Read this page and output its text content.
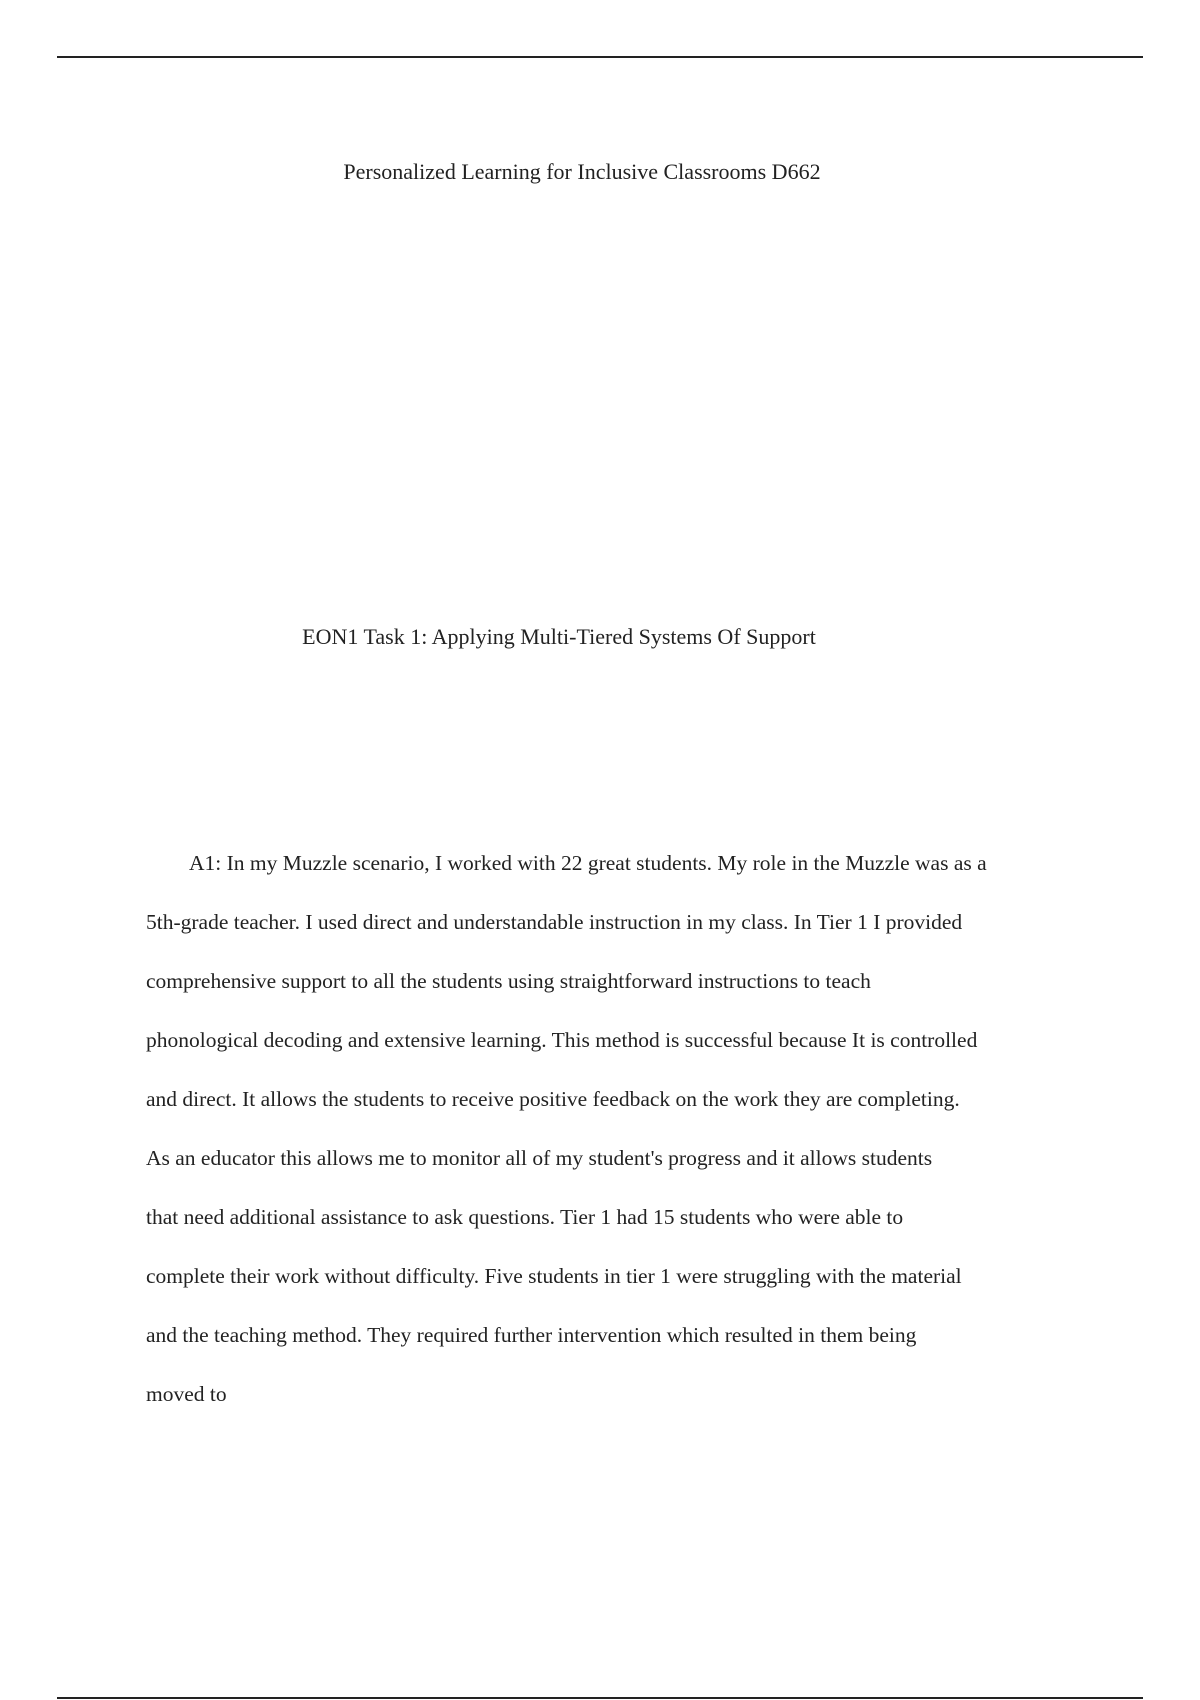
Personalized Learning for Inclusive Classrooms D662
EON1 Task 1: Applying Multi-Tiered Systems Of Support
A1: In my Muzzle scenario, I worked with 22 great students. My role in the Muzzle was as a
5th-grade teacher. I used direct and understandable instruction in my class. In Tier 1 I provided
comprehensive support to all the students using straightforward instructions to teach
phonological decoding and extensive learning. This method is successful because It is controlled
and direct. It allows the students to receive positive feedback on the work they are completing.
As an educator this allows me to monitor all of my student's progress and it allows students
that need additional assistance to ask questions. Tier 1 had 15 students who were able to
complete their work without difficulty. Five students in tier 1 were struggling with the material
and the teaching method. They required further intervention which resulted in them being
moved to
